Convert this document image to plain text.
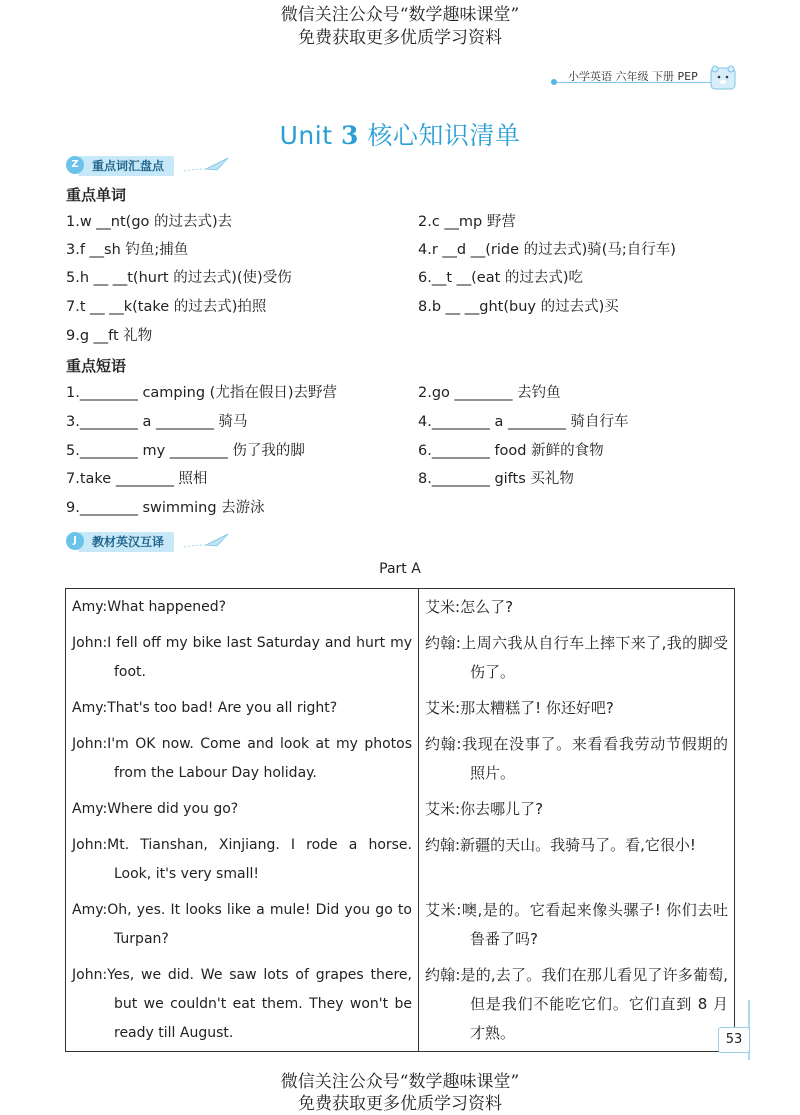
微信关注公众号“数学趣味课堂”
免费获取更多优质学习资料
小学英语 六年级 下册 PEP
Unit 3 核心知识清单
重点词汇盘点
Z
重点单词
1.w __nt(go 的过去式)去	2.c __mp 野营
3.f __sh 钓鱼;捕鱼	4.r __d __(ride 的过去式)骑(马;自行车)
5.h __ __t(hurt 的过去式)(使)受伤	6.__t __(eat 的过去式)吃
7.t __ __k(take 的过去式)拍照	8.b __ __ght(buy 的过去式)买
9.g __ft 礼物
重点短语
1.________ camping (尤指在假日)去野营	2.go ________ 去钓鱼
3.________ a ________ 骑马	4.________ a ________ 骑自行车
5.________ my ________ 伤了我的脚	6.________ food 新鲜的食物
7.take ________ 照相	8.________ gifts 买礼物
9.________ swimming 去游泳
教材英汉互译
J
Part A
Amy:What happened?	艾米:怎么了?

John:I fell off my bike last Saturday and hurt my foot.	约翰:上周六我从自行车上摔下来了,我的脚受伤了。

Amy:That's too bad! Are you all right?	艾米:那太糟糕了! 你还好吧?

John:I'm OK now. Come and look at my photos from the Labour Day holiday.	约翰:我现在没事了。来看看我劳动节假期的照片。

Amy:Where did you go?	艾米:你去哪儿了?

John:Mt. Tianshan, Xinjiang. I rode a horse. Look, it's very small!	约翰:新疆的天山。我骑马了。看,它很小!

Amy:Oh, yes. It looks like a mule! Did you go to Turpan?	艾米:噢,是的。它看起来像头骡子! 你们去吐鲁番了吗?

John:Yes, we did. We saw lots of grapes there, but we couldn't eat them. They won't be ready till August.	约翰:是的,去了。我们在那儿看见了许多葡萄,但是我们不能吃它们。它们直到 8 月才熟。	53
微信关注公众号“数学趣味课堂”
免费获取更多优质学习资料
